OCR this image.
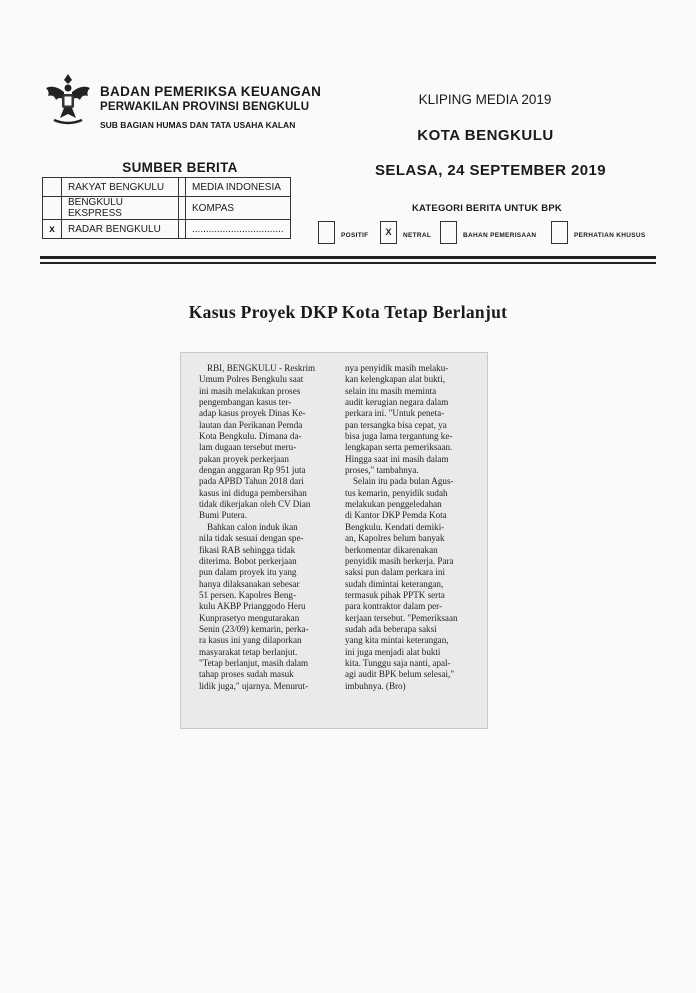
BADAN PEMERIKSA KEUANGAN
PERWAKILAN PROVINSI BENGKULU
SUB BAGIAN HUMAS DAN TATA USAHA KALAN
KLIPING MEDIA 2019
KOTA BENGKULU
SELASA, 24 SEPTEMBER 2019
SUMBER BERITA
	RAKYAT BENGKULU		MEDIA INDONESIA
	BENGKULU EKSPRESS		KOMPAS
x	RADAR BENGKULU		.................................
KATEGORI BERITA UNTUK BPK
POSITIF	X	NETRAL	BAHAN PEMERISAAN	PERHATIAN KHUSUS
Kasus Proyek DKP Kota Tetap Berlanjut
RBI, BENGKULU - Reskrim
Umum Polres Bengkulu saat
ini masih melakukan proses
pengembangan kasus ter-
adap kasus proyek Dinas Ke-
lautan dan Perikanan Pemda
Kota Bengkulu. Dimana da-
lam dugaan tersebut meru-
pakan proyek perkerjaan
dengan anggaran Rp 951 juta
pada APBD Tahun 2018 dari
kasus ini diduga pembersihan
tidak dikerjakan oleh CV Dian
Bumi Putera.
Bahkan calon induk ikan
nila tidak sesuai dengan spe-
fikasi RAB sehingga tidak
diterima. Bobot perkerjaan
pun dalam proyek itu yang
hanya dilaksanakan sebesar
51 persen. Kapolres Beng-
kulu AKBP Prianggodo Heru
Kunprasetyo mengutarakan
Senin (23/09) kemarin, perka-
ra kasus ini yang dilaporkan
masyarakat tetap berlanjut.
"Tetap berlanjut, masih dalam
tahap proses sudah masuk
lidik juga," ujarnya. Menurut-
nya penyidik masih melaku-
kan kelengkapan alat bukti,
selain itu masih meminta
audit kerugian negara dalam
perkara ini. "Untuk peneta-
pan tersangka bisa cepat, ya
bisa juga lama tergantung ke-
lengkapan serta pemeriksaan.
Hingga saat ini masih dalam
proses," tambahnya.
Selain itu pada bulan Agus-
tus kemarin, penyidik sudah
melakukan penggeledahan
di Kantor DKP Pemda Kota
Bengkulu. Kendati demiki-
an, Kapolres belum banyak
berkomentar dikarenakan
penyidik masih berkerja. Para
saksi pun dalam perkara ini
sudah dimintai keterangan,
termasuk pihak PPTK serta
para kontraktor dalam per-
kerjaan tersebut. "Pemeriksaan
sudah ada beberapa saksi
yang kita mintai keterangan,
ini juga menjadi alat bukti
kita. Tunggu saja nanti, apal-
agi audit BPK belum selesai,"
imbuhnya. (Bro)
